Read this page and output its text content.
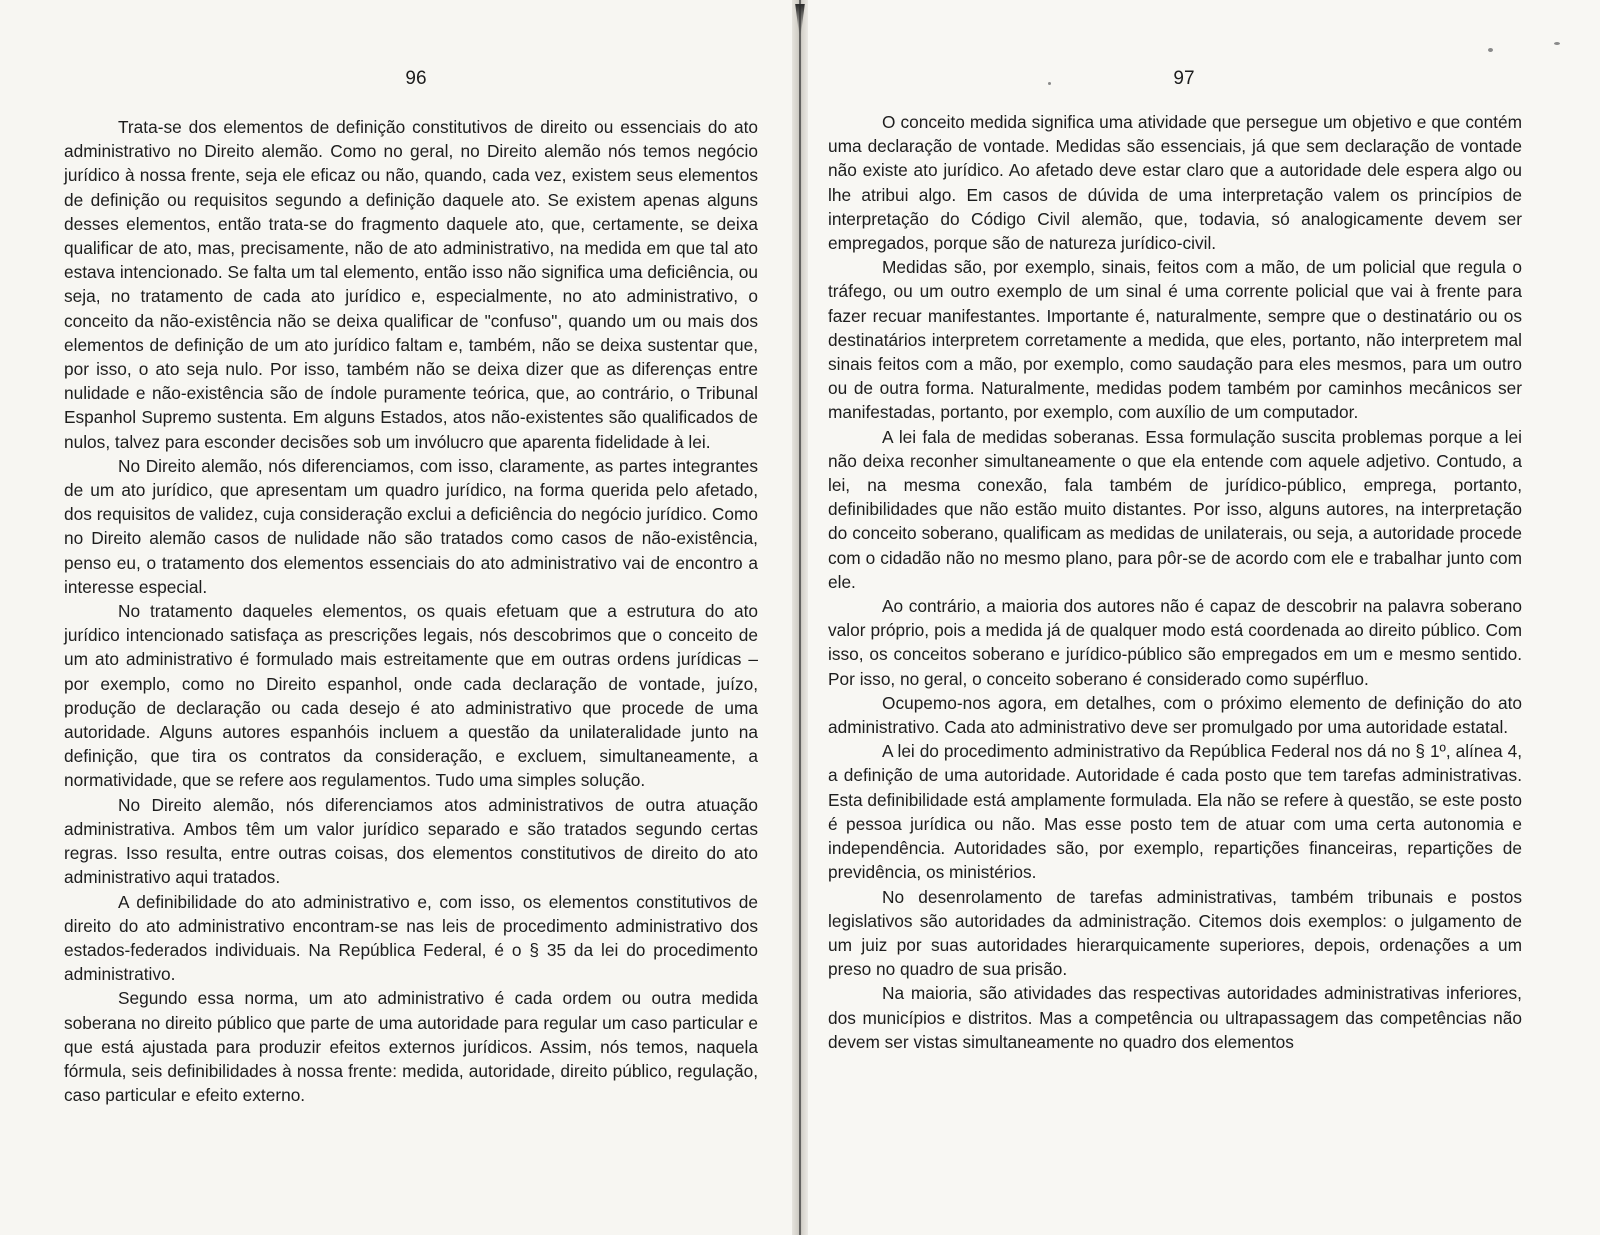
96

Trata-se dos elementos de definição constitutivos de direito ou essenciais do ato administrativo no Direito alemão. Como no geral, no Direito alemão nós temos negócio jurídico à nossa frente, seja ele eficaz ou não, quando, cada vez, existem seus elementos de definição ou requisitos segundo a definição daquele ato. Se existem apenas alguns desses elementos, então trata-se do fragmento daquele ato, que, certamente, se deixa qualificar de ato, mas, precisamente, não de ato administrativo, na medida em que tal ato estava intencionado. Se falta um tal elemento, então isso não significa uma deficiência, ou seja, no tratamento de cada ato jurídico e, especialmente, no ato administrativo, o conceito da não-existência não se deixa qualificar de "confuso", quando um ou mais dos elementos de definição de um ato jurídico faltam e, também, não se deixa sustentar que, por isso, o ato seja nulo. Por isso, também não se deixa dizer que as diferenças entre nulidade e não-existência são de índole puramente teórica, que, ao contrário, o Tribunal Espanhol Supremo sustenta. Em alguns Estados, atos não-existentes são qualificados de nulos, talvez para esconder decisões sob um invólucro que aparenta fidelidade à lei.

No Direito alemão, nós diferenciamos, com isso, claramente, as partes integrantes de um ato jurídico, que apresentam um quadro jurídico, na forma querida pelo afetado, dos requisitos de validez, cuja consideração exclui a deficiência do negócio jurídico. Como no Direito alemão casos de nulidade não são tratados como casos de não-existência, penso eu, o tratamento dos elementos essenciais do ato administrativo vai de encontro a interesse especial.

No tratamento daqueles elementos, os quais efetuam que a estrutura do ato jurídico intencionado satisfaça as prescrições legais, nós descobrimos que o conceito de um ato administrativo é formulado mais estreitamente que em outras ordens jurídicas – por exemplo, como no Direito espanhol, onde cada declaração de vontade, juízo, produção de declaração ou cada desejo é ato administrativo que procede de uma autoridade. Alguns autores espanhóis incluem a questão da unilateralidade junto na definição, que tira os contratos da consideração, e excluem, simultaneamente, a normatividade, que se refere aos regulamentos. Tudo uma simples solução.

No Direito alemão, nós diferenciamos atos administrativos de outra atuação administrativa. Ambos têm um valor jurídico separado e são tratados segundo certas regras. Isso resulta, entre outras coisas, dos elementos constitutivos de direito do ato administrativo aqui tratados.

A definibilidade do ato administrativo e, com isso, os elementos constitutivos de direito do ato administrativo encontram-se nas leis de procedimento administrativo dos estados-federados individuais. Na República Federal, é o § 35 da lei do procedimento administrativo.

Segundo essa norma, um ato administrativo é cada ordem ou outra medida soberana no direito público que parte de uma autoridade para regular um caso particular e que está ajustada para produzir efeitos externos jurídicos. Assim, nós temos, naquela fórmula, seis definibilidades à nossa frente: medida, autoridade, direito público, regulação, caso particular e efeito externo.

97

O conceito medida significa uma atividade que persegue um objetivo e que contém uma declaração de vontade. Medidas são essenciais, já que sem declaração de vontade não existe ato jurídico. Ao afetado deve estar claro que a autoridade dele espera algo ou lhe atribui algo. Em casos de dúvida de uma interpretação valem os princípios de interpretação do Código Civil alemão, que, todavia, só analogicamente devem ser empregados, porque são de natureza jurídico-civil.

Medidas são, por exemplo, sinais, feitos com a mão, de um policial que regula o tráfego, ou um outro exemplo de um sinal é uma corrente policial que vai à frente para fazer recuar manifestantes. Importante é, naturalmente, sempre que o destinatário ou os destinatários interpretem corretamente a medida, que eles, portanto, não interpretem mal sinais feitos com a mão, por exemplo, como saudação para eles mesmos, para um outro ou de outra forma. Naturalmente, medidas podem também por caminhos mecânicos ser manifestadas, portanto, por exemplo, com auxílio de um computador.

A lei fala de medidas soberanas. Essa formulação suscita problemas porque a lei não deixa reconher simultaneamente o que ela entende com aquele adjetivo. Contudo, a lei, na mesma conexão, fala também de jurídico-público, emprega, portanto, definibilidades que não estão muito distantes. Por isso, alguns autores, na interpretação do conceito soberano, qualificam as medidas de unilaterais, ou seja, a autoridade procede com o cidadão não no mesmo plano, para pôr-se de acordo com ele e trabalhar junto com ele.

Ao contrário, a maioria dos autores não é capaz de descobrir na palavra soberano valor próprio, pois a medida já de qualquer modo está coordenada ao direito público. Com isso, os conceitos soberano e jurídico-público são empregados em um e mesmo sentido. Por isso, no geral, o conceito soberano é considerado como supérfluo.

Ocupemo-nos agora, em detalhes, com o próximo elemento de definição do ato administrativo. Cada ato administrativo deve ser promulgado por uma autoridade estatal.

A lei do procedimento administrativo da República Federal nos dá no § 1º, alínea 4, a definição de uma autoridade. Autoridade é cada posto que tem tarefas administrativas. Esta definibilidade está amplamente formulada. Ela não se refere à questão, se este posto é pessoa jurídica ou não. Mas esse posto tem de atuar com uma certa autonomia e independência. Autoridades são, por exemplo, repartições financeiras, repartições de previdência, os ministérios.

No desenrolamento de tarefas administrativas, também tribunais e postos legislativos são autoridades da administração. Citemos dois exemplos: o julgamento de um juiz por suas autoridades hierarquicamente superiores, depois, ordenações a um preso no quadro de sua prisão.

Na maioria, são atividades das respectivas autoridades administrativas inferiores, dos municípios e distritos. Mas a competência ou ultrapassagem das competências não devem ser vistas simultaneamente no quadro dos elementos
